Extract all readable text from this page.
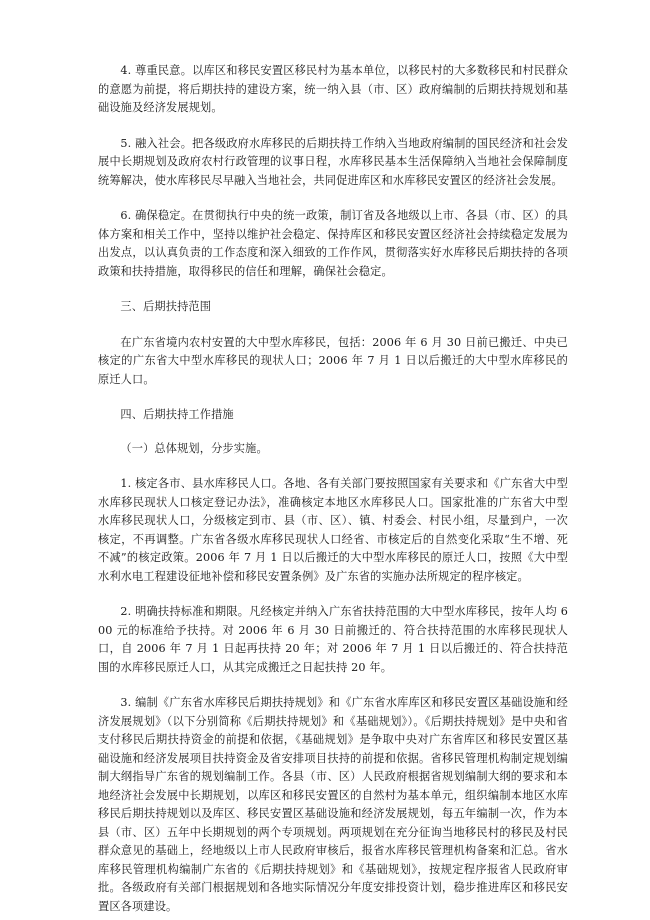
4. 尊重民意。以库区和移民安置区移民村为基本单位，以移民村的大多数移民和村民群众的意愿为前提，将后期扶持的建设方案，统一纳入县（市、区）政府编制的后期扶持规划和基础设施及经济发展规划。

5. 融入社会。把各级政府水库移民的后期扶持工作纳入当地政府编制的国民经济和社会发展中长期规划及政府农村行政管理的议事日程，水库移民基本生活保障纳入当地社会保障制度统筹解决，使水库移民尽早融入当地社会，共同促进库区和水库移民安置区的经济社会发展。

6. 确保稳定。在贯彻执行中央的统一政策，制订省及各地级以上市、各县（市、区）的具体方案和相关工作中，坚持以维护社会稳定、保持库区和移民安置区经济社会持续稳定发展为出发点，以认真负责的工作态度和深入细致的工作作风，贯彻落实好水库移民后期扶持的各项政策和扶持措施，取得移民的信任和理解，确保社会稳定。

三、后期扶持范围

在广东省境内农村安置的大中型水库移民，包括：2006 年 6 月 30 日前已搬迁、中央已核定的广东省大中型水库移民的现状人口；2006 年 7 月 1 日以后搬迁的大中型水库移民的原迁人口。

四、后期扶持工作措施

（一）总体规划，分步实施。

1. 核定各市、县水库移民人口。各地、各有关部门要按照国家有关要求和《广东省大中型水库移民现状人口核定登记办法》，准确核定本地区水库移民人口。国家批准的广东省大中型水库移民现状人口，分级核定到市、县（市、区）、镇、村委会、村民小组，尽量到户，一次核定，不再调整。广东省各级水库移民现状人口经省、市核定后的自然变化采取“生不增、死不减”的核定政策。2006 年 7 月 1 日以后搬迁的大中型水库移民的原迁人口，按照《大中型水利水电工程建设征地补偿和移民安置条例》及广东省的实施办法所规定的程序核定。

2. 明确扶持标准和期限。凡经核定并纳入广东省扶持范围的大中型水库移民，按年人均 600 元的标准给予扶持。对 2006 年 6 月 30 日前搬迁的、符合扶持范围的水库移民现状人口，自 2006 年 7 月 1 日起再扶持 20 年；对 2006 年 7 月 1 日以后搬迁的、符合扶持范围的水库移民原迁人口，从其完成搬迁之日起扶持 20 年。

3. 编制《广东省水库移民后期扶持规划》和《广东省水库库区和移民安置区基础设施和经济发展规划》（以下分别简称《后期扶持规划》和《基础规划》）。《后期扶持规划》是中央和省支付移民后期扶持资金的前提和依据，《基础规划》是争取中央对广东省库区和移民安置区基础设施和经济发展项目扶持资金及省安排项目扶持的前提和依据。省移民管理机构制定规划编制大纲指导广东省的规划编制工作。各县（市、区）人民政府根据省规划编制大纲的要求和本地经济社会发展中长期规划，以库区和移民安置区的自然村为基本单元，组织编制本地区水库移民后期扶持规划以及库区、移民安置区基础设施和经济发展规划，每五年编制一次，作为本县（市、区）五年中长期规划的两个专项规划。两项规划在充分征询当地移民村的移民及村民群众意见的基础上，经地级以上市人民政府审核后，报省水库移民管理机构备案和汇总。省水库移民管理机构编制广东省的《后期扶持规划》和《基础规划》，按规定程序报省人民政府审批。各级政府有关部门根据规划和各地实际情况分年度安排投资计划，稳步推进库区和移民安置区各项建设。
